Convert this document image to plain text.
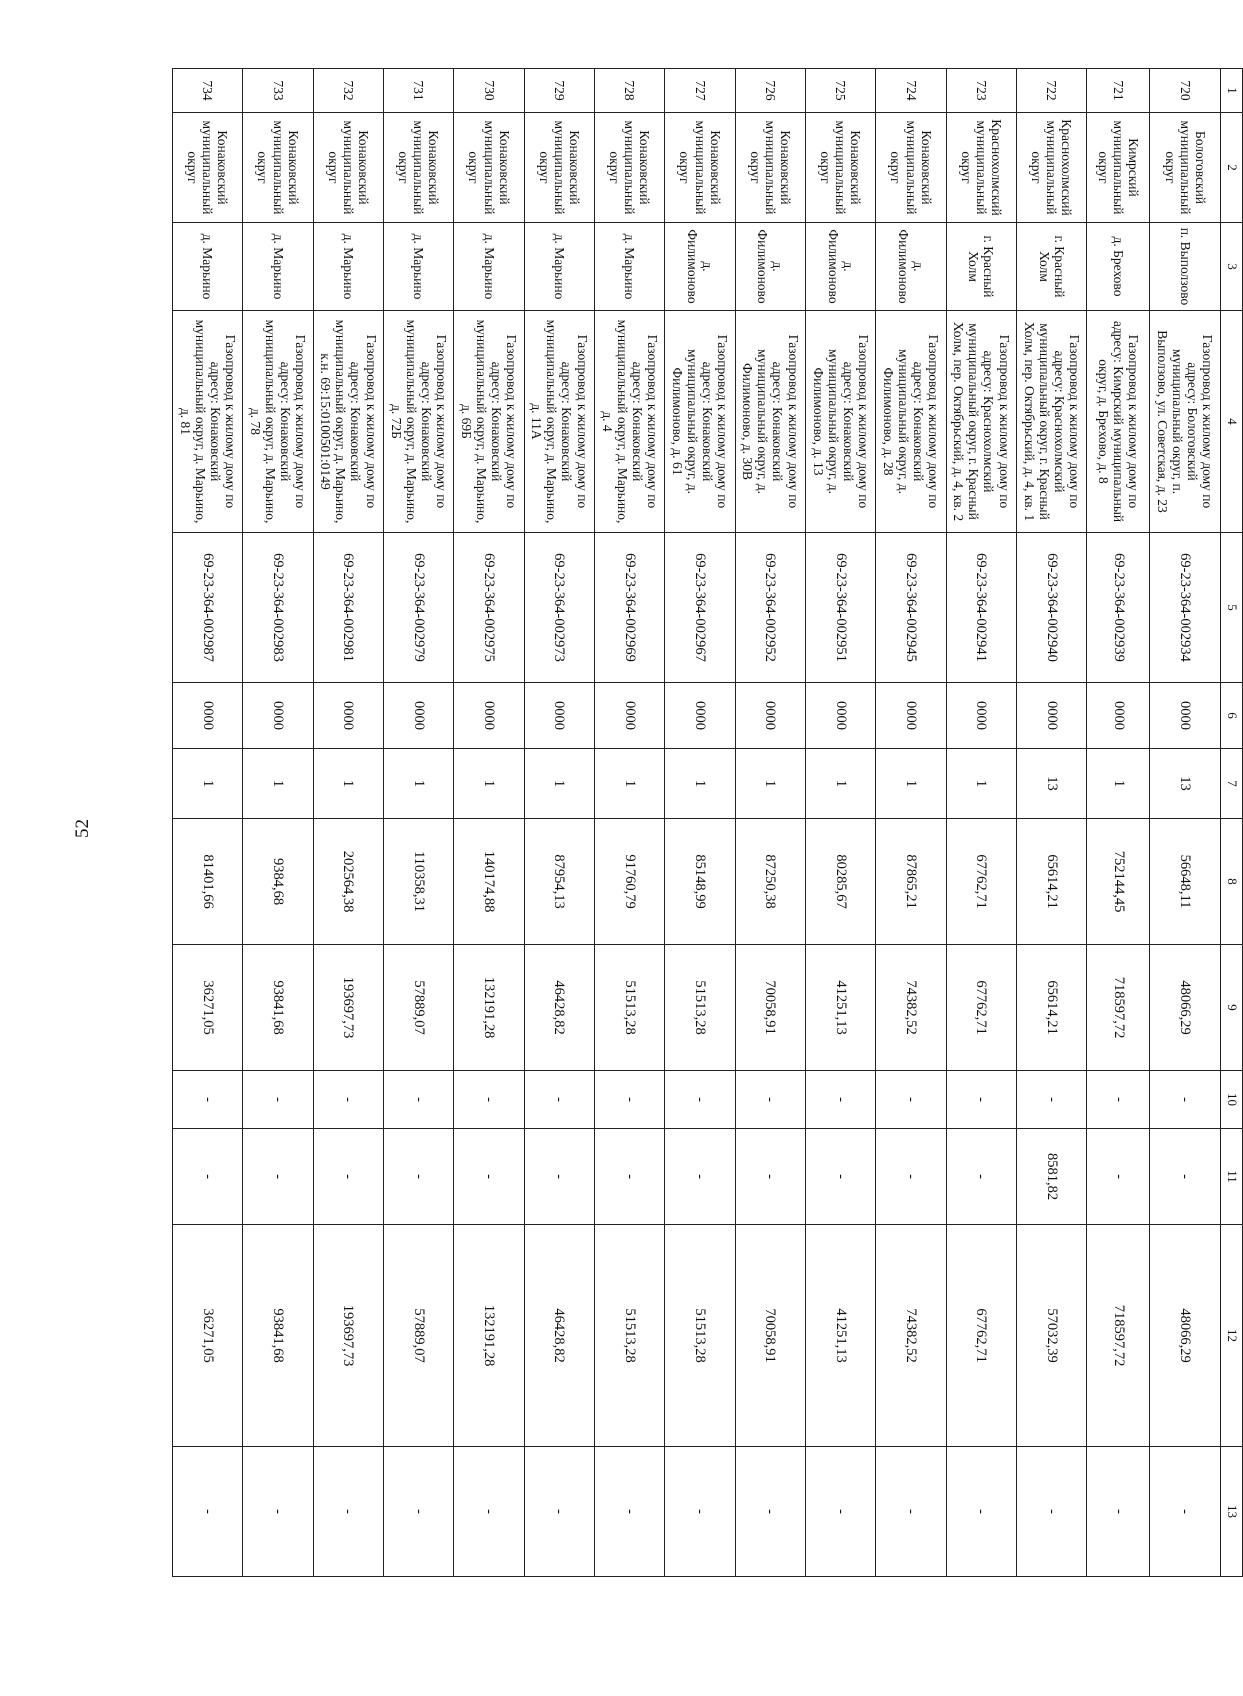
52
1	2	3	4	5	6	7	8	9	10	11	12	13
720	Бологовский муниципальный округ	п. Выползово	Газопровод к жилому дому по адресу: Бологовский муниципальный округ, п. Выползово, ул. Советская, д. 23	69-23-364-002934	0000	13	56648,11	48066,29	-	-	48066,29	-
721	Кимрский муниципальный округ	д. Брехово	Газопровод к жилому дому по адресу: Кимрский муниципальный округ, д. Брехово, д. 8	69-23-364-002939	0000	1	752144,45	718597,72	-	-	718597,72	-
722	Краснохолмский муниципальный округ	г. Красный Холм	Газопровод к жилому дому по адресу: Краснохолмский муниципальный округ, г. Красный Холм, пер. Октябрьский, д. 4, кв. 1	69-23-364-002940	0000	13	65614,21	65614,21	-	8581,82	57032,39	-
723	Краснохолмский муниципальный округ	г. Красный Холм	Газопровод к жилому дому по адресу: Краснохолмский муниципальный округ, г. Красный Холм, пер. Октябрьский, д. 4, кв. 2	69-23-364-002941	0000	1	67762,71	67762,71	-	-	67762,71	-
724	Конаковский муниципальный округ	д. Филимоново	Газопровод к жилому дому по адресу: Конаковский муниципальный округ, д. Филимоново, д. 28	69-23-364-002945	0000	1	87865,21	74382,52	-	-	74382,52	-
725	Конаковский муниципальный округ	д. Филимоново	Газопровод к жилому дому по адресу: Конаковский муниципальный округ, д. Филимоново, д. 13	69-23-364-002951	0000	1	80285,67	41251,13	-	-	41251,13	-
726	Конаковский муниципальный округ	д. Филимоново	Газопровод к жилому дому по адресу: Конаковский муниципальный округ, д. Филимоново, д. 30В	69-23-364-002952	0000	1	87250,38	70058,91	-	-	70058,91	-
727	Конаковский муниципальный округ	д. Филимоново	Газопровод к жилому дому по адресу: Конаковский муниципальный округ, д. Филимоново, д. 61	69-23-364-002967	0000	1	85148,99	51513,28	-	-	51513,28	-
728	Конаковский муниципальный округ	д. Марьино	Газопровод к жилому дому по адресу: Конаковский муниципальный округ, д. Марьино, д. 4	69-23-364-002969	0000	1	91760,79	51513,28	-	-	51513,28	-
729	Конаковский муниципальный округ	д. Марьино	Газопровод к жилому дому по адресу: Конаковский муниципальный округ, д. Марьино, д. 11А	69-23-364-002973	0000	1	87954,13	46428,82	-	-	46428,82	-
730	Конаковский муниципальный округ	д. Марьино	Газопровод к жилому дому по адресу: Конаковский муниципальный округ, д. Марьино, д. 69Б	69-23-364-002975	0000	1	140174,88	132191,28	-	-	132191,28	-
731	Конаковский муниципальный округ	д. Марьино	Газопровод к жилому дому по адресу: Конаковский муниципальный округ, д. Марьино, д. 72Б	69-23-364-002979	0000	1	110358,31	57889,07	-	-	57889,07	-
732	Конаковский муниципальный округ	д. Марьино	Газопровод к жилому дому по адресу: Конаковский муниципальный округ, д. Марьино, к.н. 69:15:0100501:0149	69-23-364-002981	0000	1	202564,38	193697,73	-	-	193697,73	-
733	Конаковский муниципальный округ	д. Марьино	Газопровод к жилому дому по адресу: Конаковский муниципальный округ, д. Марьино, д. 78	69-23-364-002983	0000	1	9384,68	93841,68	-	-	93841,68	-
734	Конаковский муниципальный округ	д. Марьино	Газопровод к жилому дому по адресу: Конаковский муниципальный округ, д. Марьино, д. 81	69-23-364-002987	0000	1	81401,66	36271,05	-	-	36271,05	-
